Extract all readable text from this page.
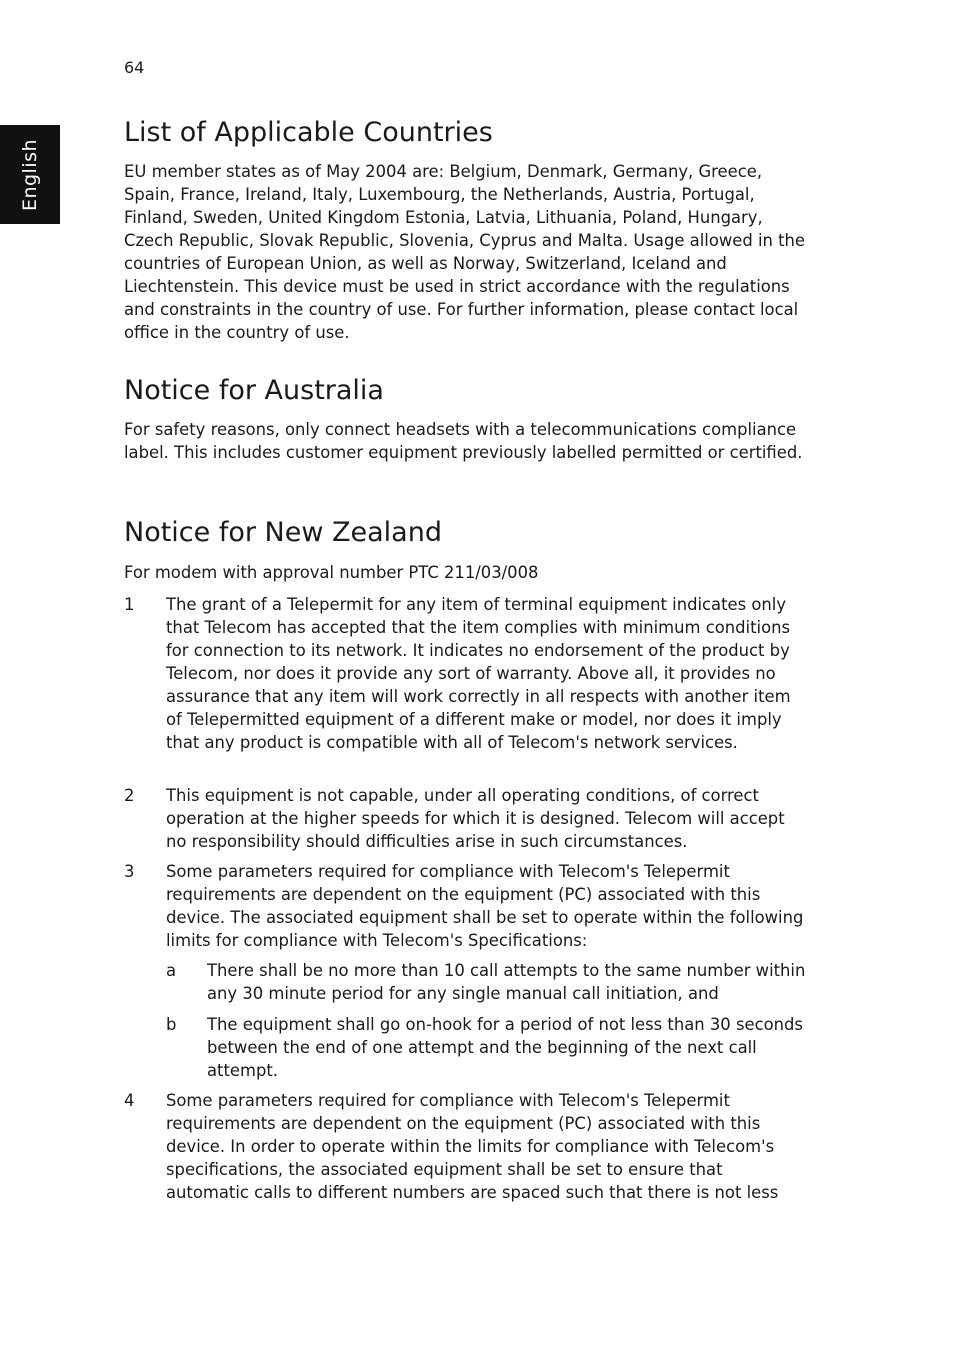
64
English
List of Applicable Countries

EU member states as of May 2004 are: Belgium, Denmark, Germany, Greece, Spain, France, Ireland, Italy, Luxembourg, the Netherlands, Austria, Portugal, Finland, Sweden, United Kingdom Estonia, Latvia, Lithuania, Poland, Hungary, Czech Republic, Slovak Republic, Slovenia, Cyprus and Malta. Usage allowed in the countries of European Union, as well as Norway, Switzerland, Iceland and Liechtenstein. This device must be used in strict accordance with the regulations and constraints in the country of use. For further information, please contact local office in the country of use.

Notice for Australia

For safety reasons, only connect headsets with a telecommunications compliance label. This includes customer equipment previously labelled permitted or certified.

Notice for New Zealand

For modem with approval number PTC 211/03/008

1 The grant of a Telepermit for any item of terminal equipment indicates only that Telecom has accepted that the item complies with minimum conditions for connection to its network. It indicates no endorsement of the product by Telecom, nor does it provide any sort of warranty. Above all, it provides no assurance that any item will work correctly in all respects with another item of Telepermitted equipment of a different make or model, nor does it imply that any product is compatible with all of Telecom's network services.

2 This equipment is not capable, under all operating conditions, of correct operation at the higher speeds for which it is designed. Telecom will accept no responsibility should difficulties arise in such circumstances.

3 Some parameters required for compliance with Telecom's Telepermit requirements are dependent on the equipment (PC) associated with this device. The associated equipment shall be set to operate within the following limits for compliance with Telecom's Specifications:

a There shall be no more than 10 call attempts to the same number within any 30 minute period for any single manual call initiation, and

b The equipment shall go on-hook for a period of not less than 30 seconds between the end of one attempt and the beginning of the next call attempt.

4 Some parameters required for compliance with Telecom's Telepermit requirements are dependent on the equipment (PC) associated with this device. In order to operate within the limits for compliance with Telecom's specifications, the associated equipment shall be set to ensure that automatic calls to different numbers are spaced such that there is not less
